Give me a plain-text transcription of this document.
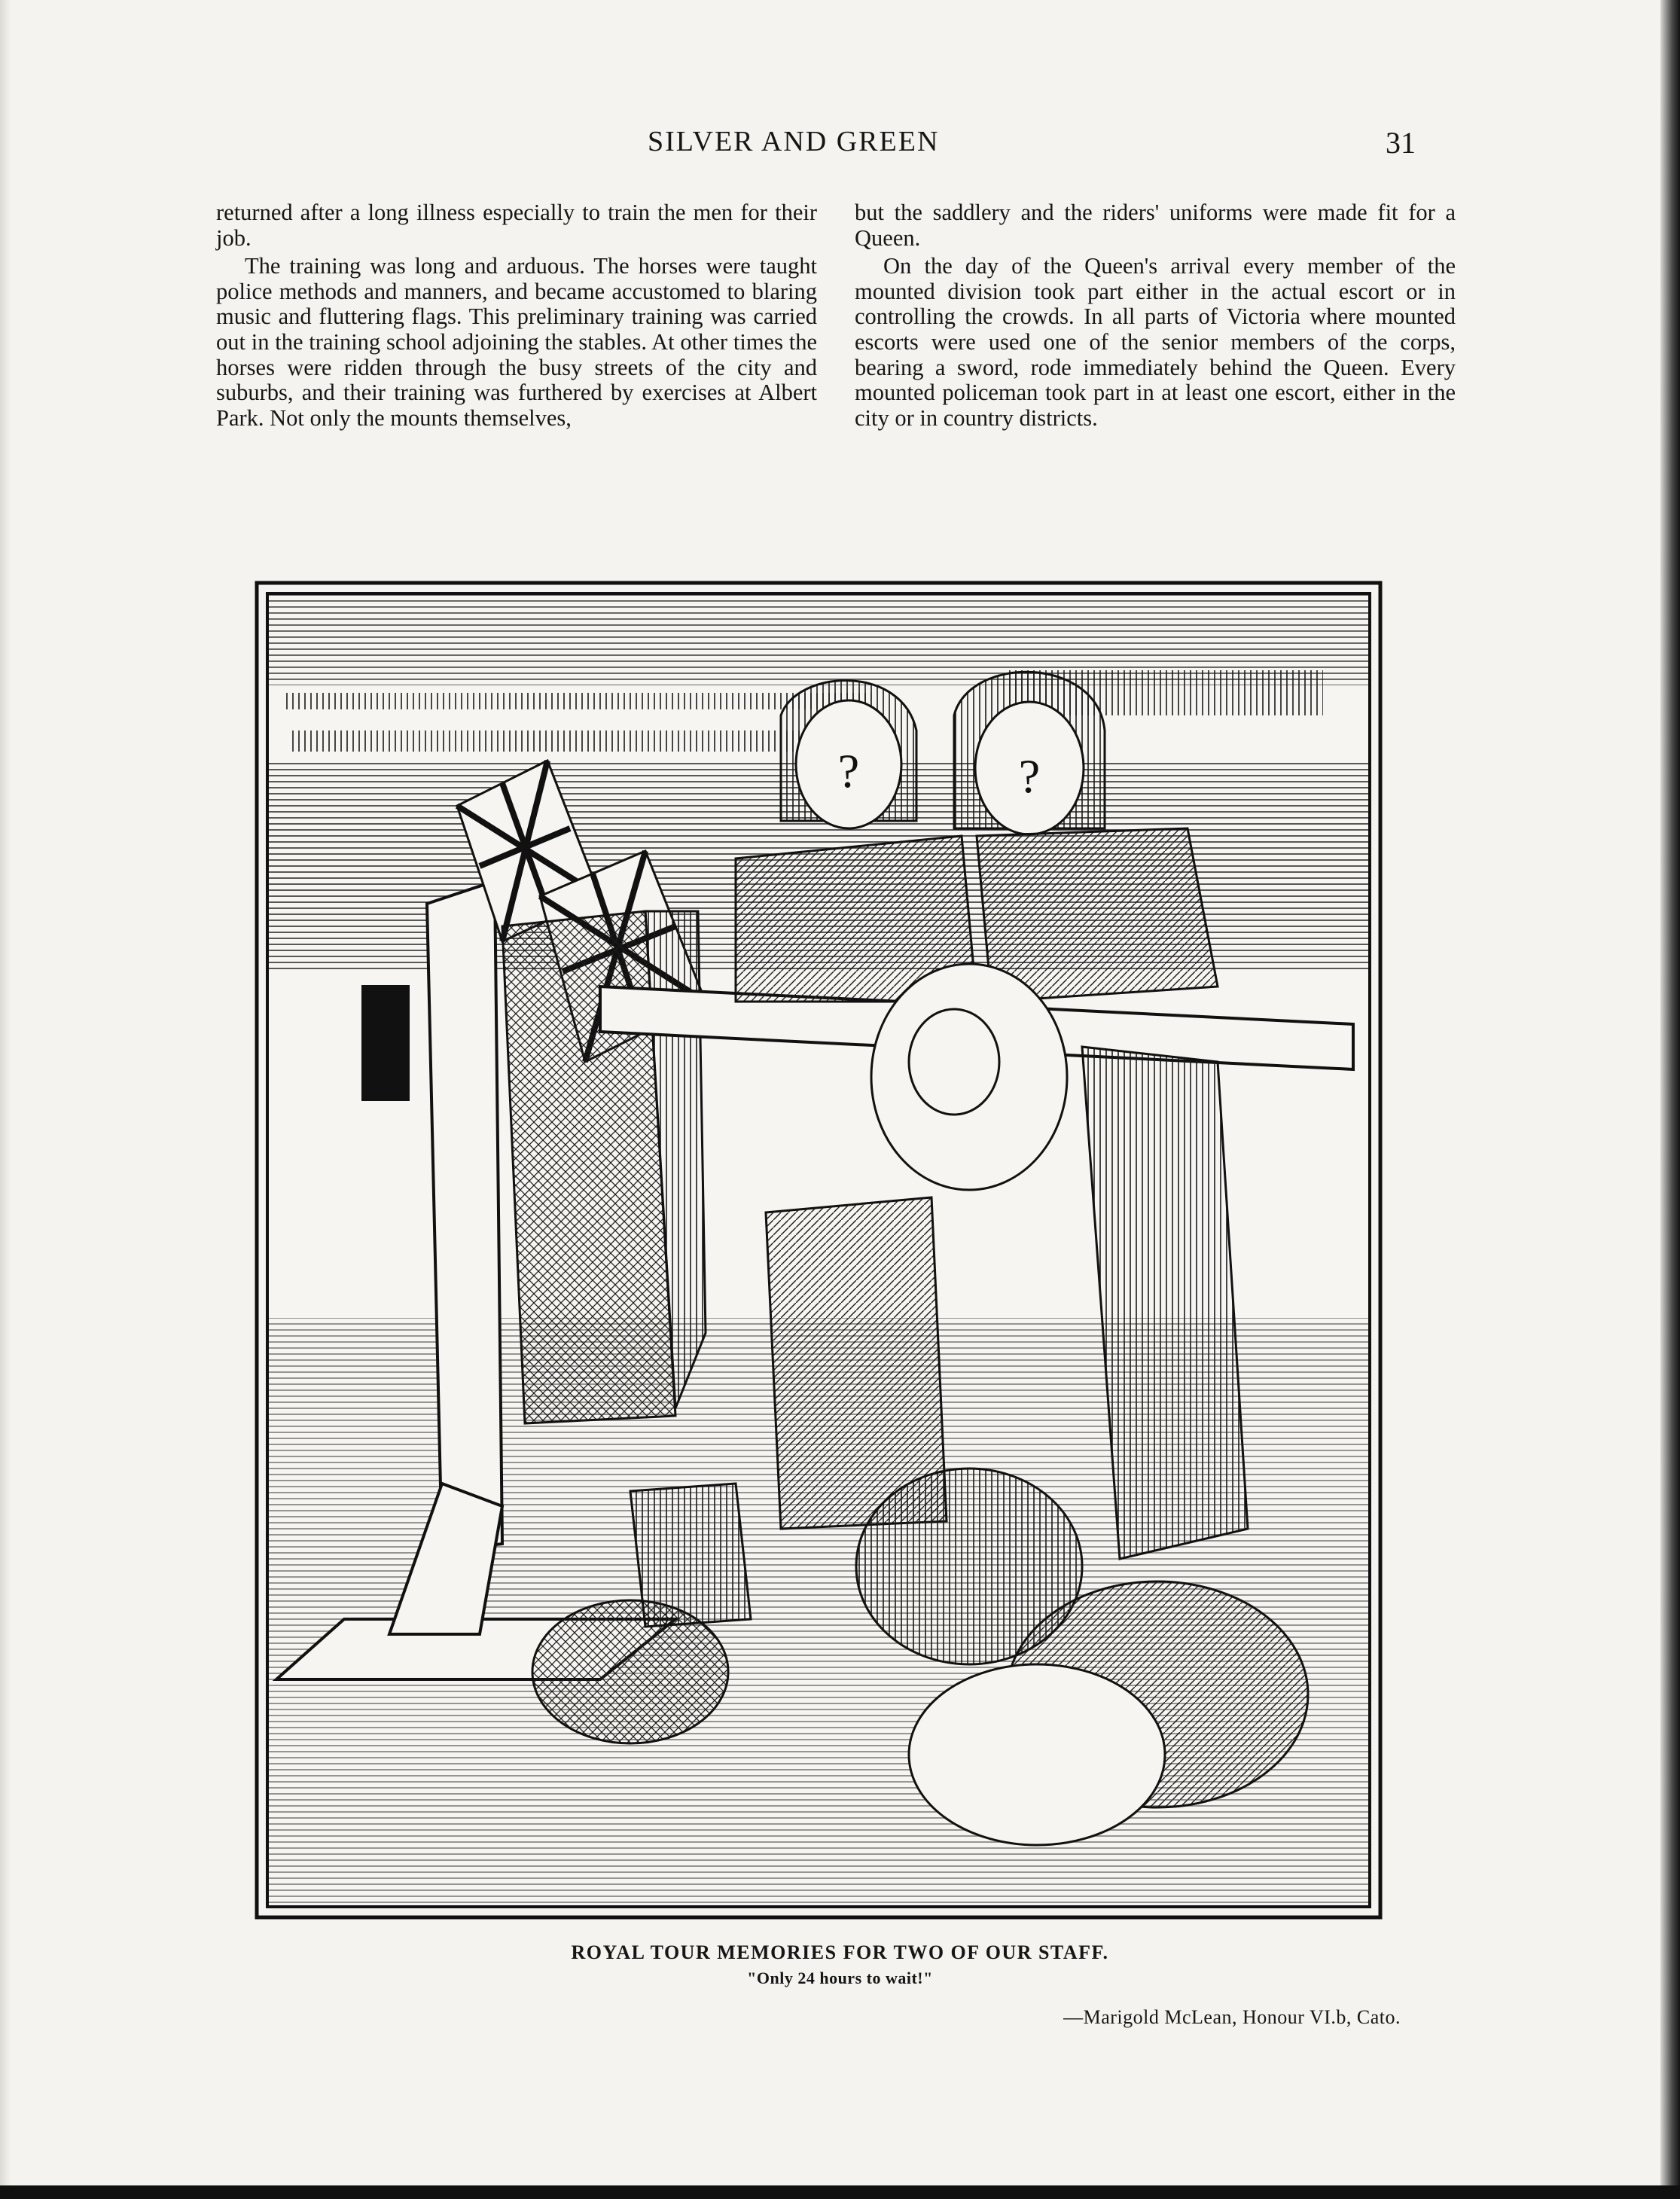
SILVER AND GREEN	31

returned after a long illness especially to train the men for their job.

The training was long and arduous. The horses were taught police methods and manners, and became accustomed to blaring music and fluttering flags. This preliminary training was carried out in the training school adjoining the stables. At other times the horses were ridden through the busy streets of the city and suburbs, and their training was furthered by exercises at Albert Park. Not only the mounts themselves,

but the saddlery and the riders' uniforms were made fit for a Queen.

On the day of the Queen's arrival every member of the mounted division took part either in the actual escort or in controlling the crowds. In all parts of Victoria where mounted escorts were used one of the senior members of the corps, bearing a sword, rode immediately behind the Queen. Every mounted policeman took part in at least one escort, either in the city or in country districts.

?	?
ROYAL TOUR MEMORIES FOR TWO OF OUR STAFF.
"Only 24 hours to wait!"
—Marigold McLean, Honour VI.b, Cato.
